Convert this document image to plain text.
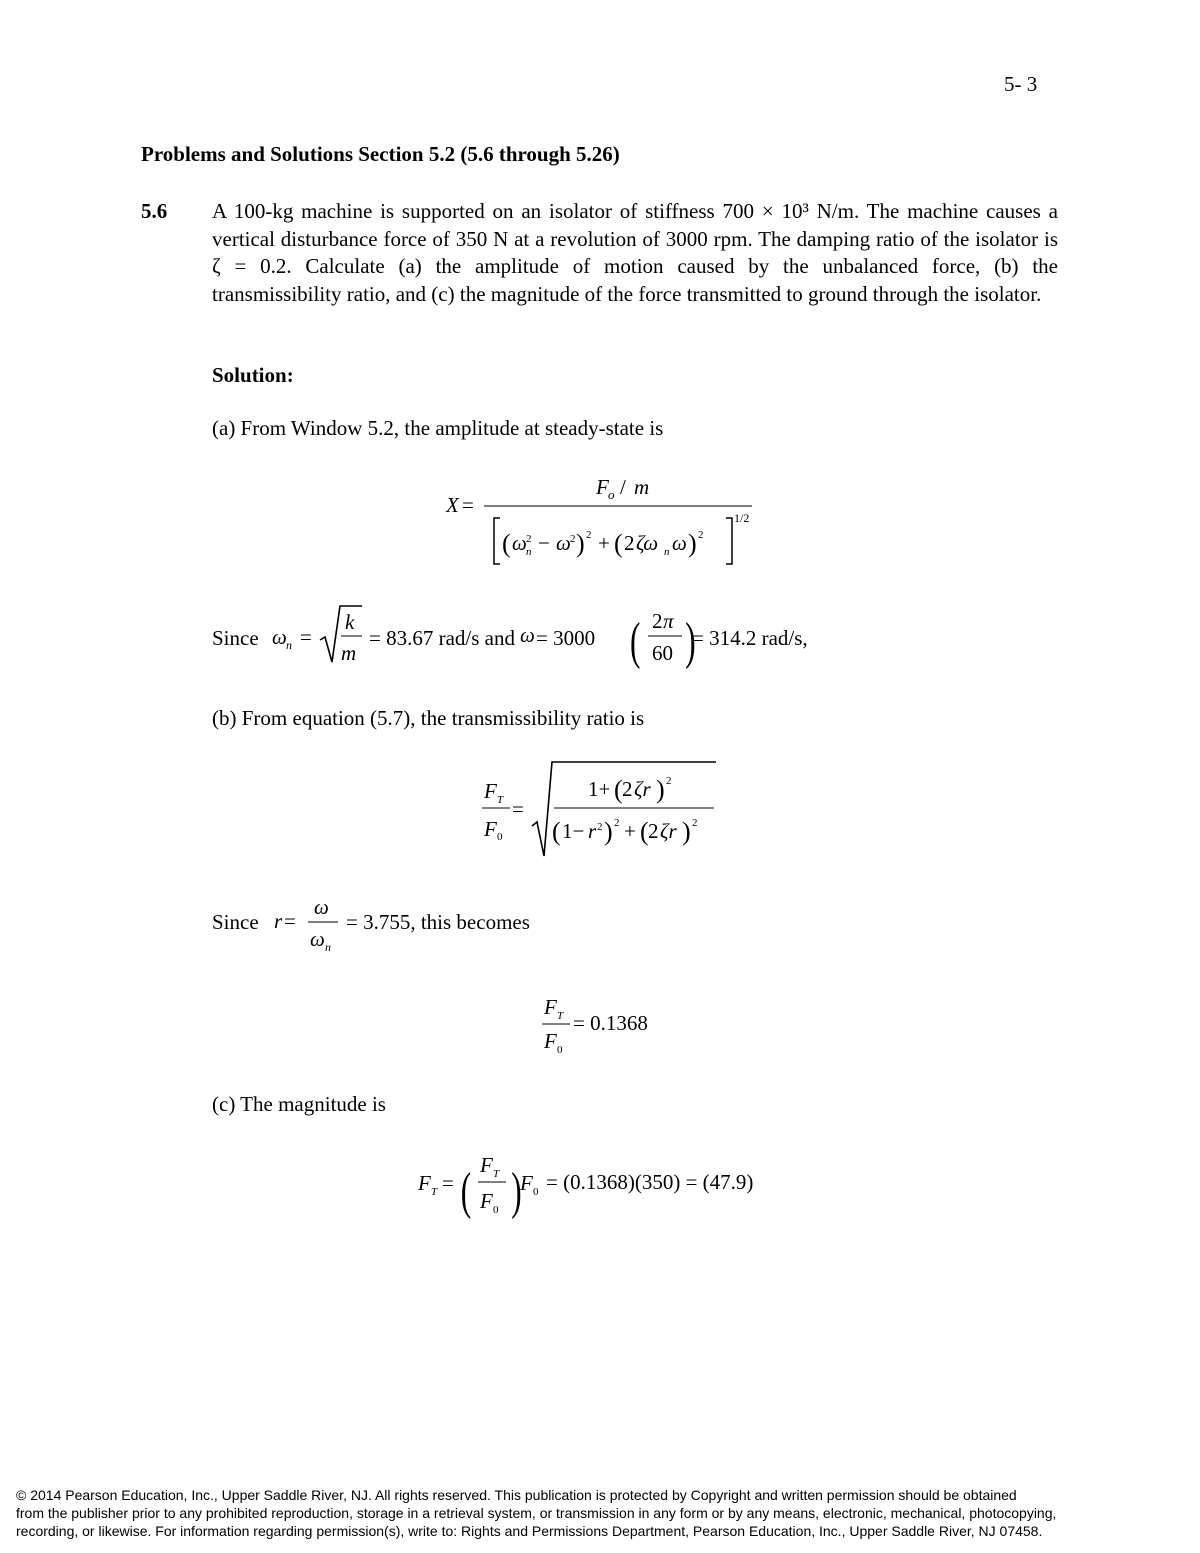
5- 3
Problems and Solutions Section 5.2 (5.6 through 5.26)
5.6 A 100-kg machine is supported on an isolator of stiffness 700 × 10³ N/m. The machine causes a vertical disturbance force of 350 N at a revolution of 3000 rpm. The damping ratio of the isolator is ζ = 0.2. Calculate (a) the amplitude of motion caused by the unbalanced force, (b) the transmissibility ratio, and (c) the magnitude of the force transmitted to ground through the isolator.

Solution:
(a) From Window 5.2, the amplitude at steady-state is
X =
F o / m
( ω 2
n − ω 2 ) 2 + ( 2 ζω n ω ) 2
1/2
Since ω n =
k
m
= 83.67 rad/s and ω = 3000 ( 2 π
60 )
= 314.2 rad/s,
(b) From equation (5.7), the transmissibility ratio is
F T
F 0
=
1+ ( 2 ζr ) 2
( 1− r 2 ) 2 + ( 2 ζr ) 2
Since r =
ω
ω n
= 3.755, this becomes
F T
F 0
= 0.1368
(c) The magnitude is
F T = ( F T
F 0 )
F 0 = (0.1368)(350) = (47.9)
© 2014 Pearson Education, Inc., Upper Saddle River, NJ. All rights reserved. This publication is protected by Copyright and written permission should be obtained
from the publisher prior to any prohibited reproduction, storage in a retrieval system, or transmission in any form or by any means, electronic, mechanical, photocopying,
recording, or likewise. For information regarding permission(s), write to: Rights and Permissions Department, Pearson Education, Inc., Upper Saddle River, NJ 07458.
